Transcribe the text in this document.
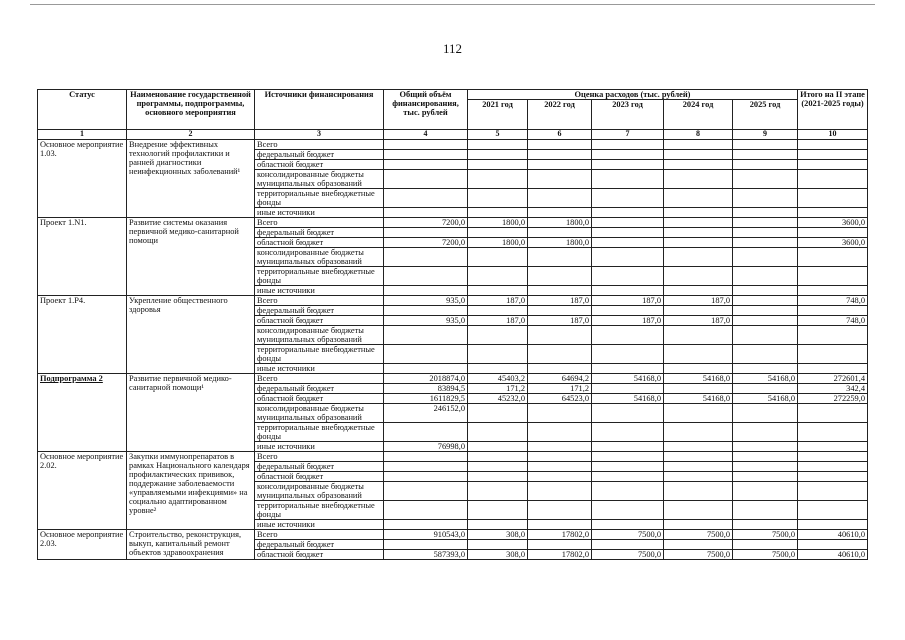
112
Статус	Наименование государственной программы, подпрограммы, основного мероприятия	Источники финансирования	Общий объём финансирования, тыс. рублей	Оценка расходов (тыс. рублей)					Итого на II этапе (2021-2025 годы)
				2021 год	2022 год	2023 год	2024 год	2025 год	
1	2	3	4	5	6	7	8	9	10
Основное мероприятие 1.03.	Внедрение эффективных технологий профилактики и ранней диагностики неинфекционных заболеваний¹	Всего							
		федеральный бюджет							
		областной бюджет							
		консолидированные бюджеты муниципальных образований							
		территориальные внебюджетные фонды							
		иные источники							
Проект 1.N1.	Развитие системы оказания первичной медико-санитарной помощи	Всего	7200,0	1800,0	1800,0				3600,0
		федеральный бюджет							
		областной бюджет	7200,0	1800,0	1800,0				3600,0
		консолидированные бюджеты муниципальных образований							
		территориальные внебюджетные фонды							
		иные источники							
Проект 1.P4.	Укрепление общественного здоровья	Всего	935,0	187,0	187,0	187,0	187,0		748,0
		федеральный бюджет							
		областной бюджет	935,0	187,0	187,0	187,0	187,0		748,0
		консолидированные бюджеты муниципальных образований							
		территориальные внебюджетные фонды							
		иные источники							
Подпрограмма 2	Развитие первичной медико-санитарной помощи¹	Всего	2018874,0	45403,2	64694,2	54168,0	54168,0	54168,0	272601,4
		федеральный бюджет	83894,5	171,2	171,2				342,4
		областной бюджет	1611829,5	45232,0	64523,0	54168,0	54168,0	54168,0	272259,0
		консолидированные бюджеты муниципальных образований	246152,0						
		территориальные внебюджетные фонды							
		иные источники	76998,0						
Основное мероприятие 2.02.	Закупки иммунопрепаратов в рамках Национального календаря профилактических прививок, поддержание заболеваемости «управляемыми инфекциями» на социально адаптированном уровне²	Всего							
		федеральный бюджет							
		областной бюджет							
		консолидированные бюджеты муниципальных образований							
		территориальные внебюджетные фонды							
		иные источники							
Основное мероприятие 2.03.	Строительство, реконструкция, выкуп, капитальный ремонт объектов здравоохранения	Всего	910543,0	308,0	17802,0	7500,0	7500,0	7500,0	40610,0
		федеральный бюджет							
		областной бюджет	587393,0	308,0	17802,0	7500,0	7500,0	7500,0	40610,0
